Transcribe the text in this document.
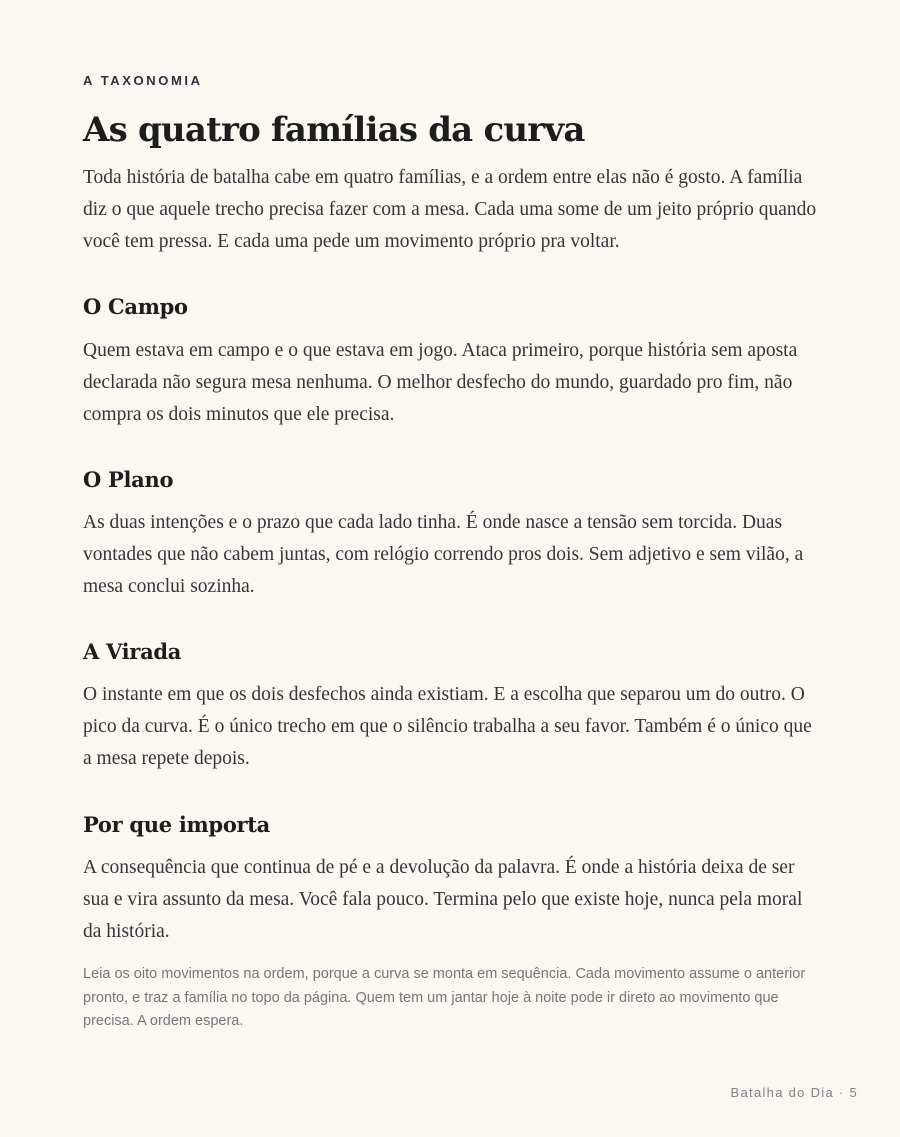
A TAXONOMIA
As quatro famílias da curva

Toda história de batalha cabe em quatro famílias, e a ordem entre elas não é gosto. A família diz o que aquele trecho precisa fazer com a mesa. Cada uma some de um jeito próprio quando você tem pressa. E cada uma pede um movimento próprio pra voltar.

O Campo

Quem estava em campo e o que estava em jogo. Ataca primeiro, porque história sem aposta declarada não segura mesa nenhuma. O melhor desfecho do mundo, guardado pro fim, não compra os dois minutos que ele precisa.

O Plano

As duas intenções e o prazo que cada lado tinha. É onde nasce a tensão sem torcida. Duas vontades que não cabem juntas, com relógio correndo pros dois. Sem adjetivo e sem vilão, a mesa conclui sozinha.

A Virada

O instante em que os dois desfechos ainda existiam. E a escolha que separou um do outro. O pico da curva. É o único trecho em que o silêncio trabalha a seu favor. Também é o único que a mesa repete depois.

Por que importa

A consequência que continua de pé e a devolução da palavra. É onde a história deixa de ser sua e vira assunto da mesa. Você fala pouco. Termina pelo que existe hoje, nunca pela moral da história.

Leia os oito movimentos na ordem, porque a curva se monta em sequência. Cada movimento assume o anterior pronto, e traz a família no topo da página. Quem tem um jantar hoje à noite pode ir direto ao movimento que precisa. A ordem espera.

Batalha do Dia · 5
